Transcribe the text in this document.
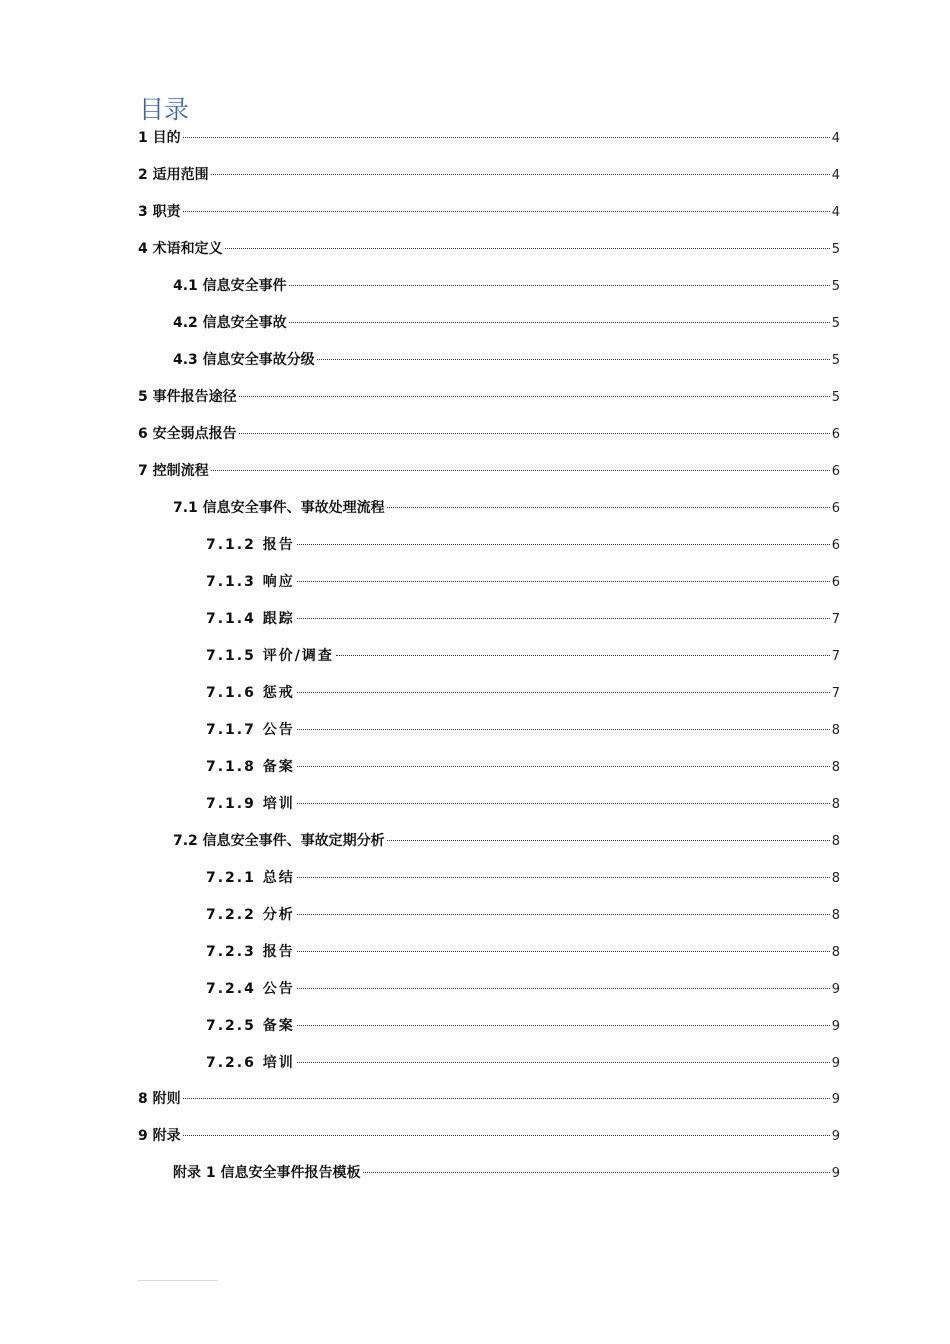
目录
1 目的	4
2 适用范围	4
3 职责	4
4 术语和定义	5
4.1 信息安全事件	5
4.2 信息安全事故	5
4.3 信息安全事故分级	5
5 事件报告途径	5
6 安全弱点报告	6
7 控制流程	6
7.1 信息安全事件、事故处理流程	6
7.1.2 报告	6
7.1.3 响应	6
7.1.4 跟踪	7
7.1.5 评价/调查	7
7.1.6 惩戒	7
7.1.7 公告	8
7.1.8 备案	8
7.1.9 培训	8
7.2 信息安全事件、事故定期分析	8
7.2.1 总结	8
7.2.2 分析	8
7.2.3 报告	8
7.2.4 公告	9
7.2.5 备案	9
7.2.6 培训	9
8 附则	9
9 附录	9
附录 1 信息安全事件报告模板	9
